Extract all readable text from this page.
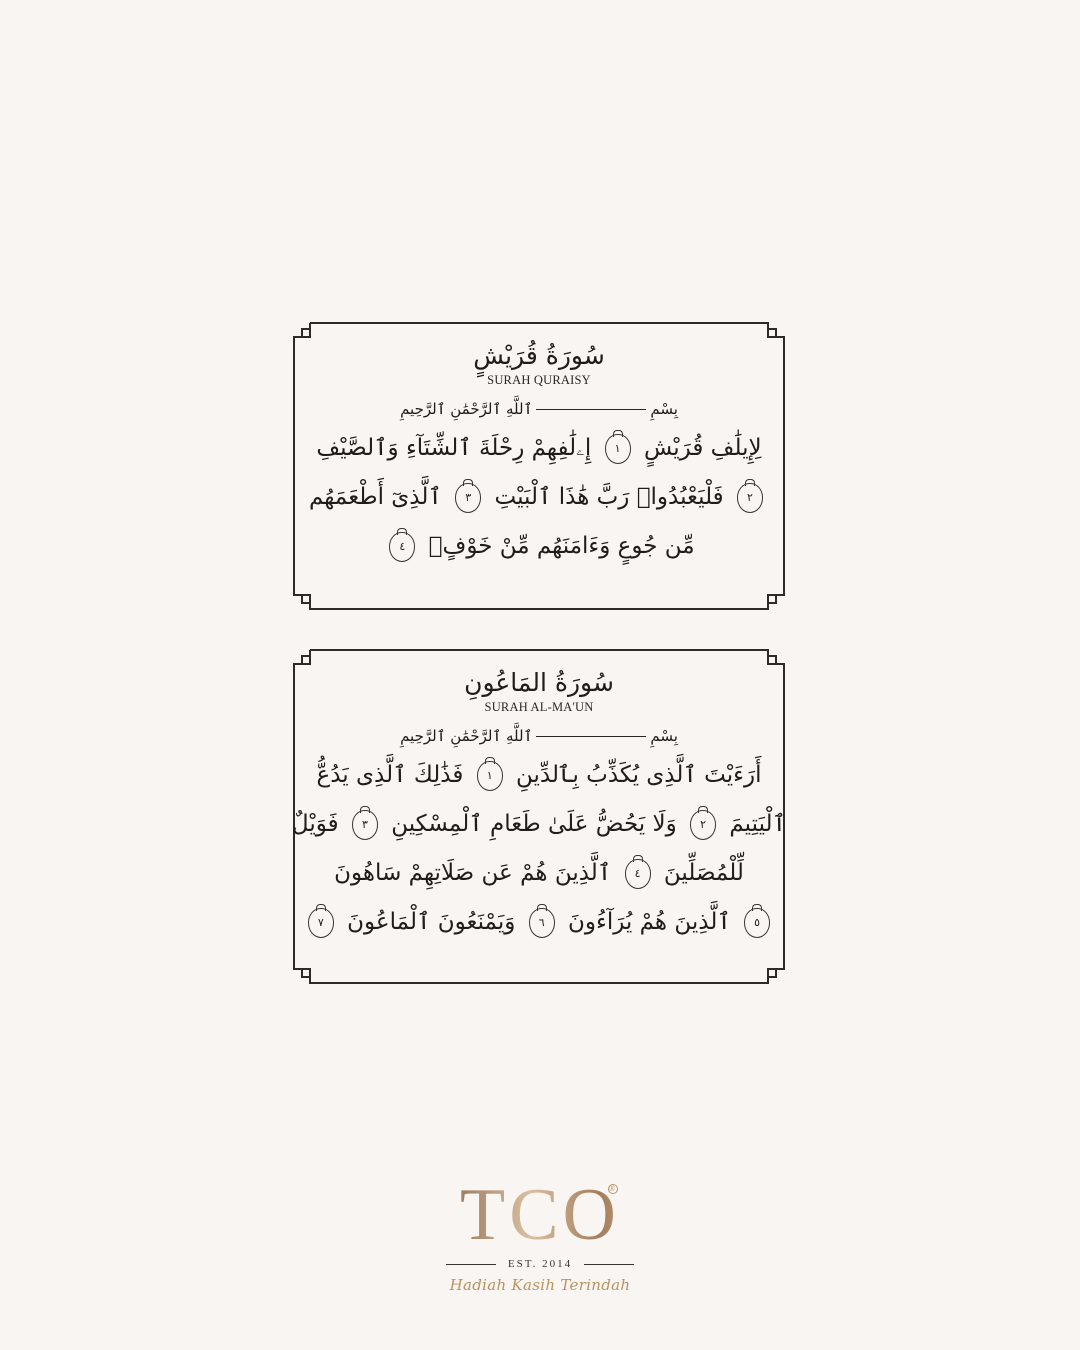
سُورَةُ قُرَيْشٍ
SURAH QURAISY
بِسْمِٱللَّهِ ٱلرَّحْمَٰنِ ٱلرَّحِيمِ
لِإِيلَٰفِ قُرَيْشٍ ١ إِۦلَٰفِهِمْ رِحْلَةَ ٱلشِّتَآءِ وَٱلصَّيْفِ
٢ فَلْيَعْبُدُوا۟ رَبَّ هَٰذَا ٱلْبَيْتِ ٣ ٱلَّذِىٓ أَطْعَمَهُم
مِّن جُوعٍ وَءَامَنَهُم مِّنْ خَوْفٍۭ ٤
سُورَةُ المَاعُونِ
SURAH AL-MA'UN
بِسْمِٱللَّهِ ٱلرَّحْمَٰنِ ٱلرَّحِيمِ
أَرَءَيْتَ ٱلَّذِى يُكَذِّبُ بِٱلدِّينِ ١ فَذَٰلِكَ ٱلَّذِى يَدُعُّ
ٱلْيَتِيمَ ٢ وَلَا يَحُضُّ عَلَىٰ طَعَامِ ٱلْمِسْكِينِ ٣ فَوَيْلٌ
لِّلْمُصَلِّينَ ٤ ٱلَّذِينَ هُمْ عَن صَلَاتِهِمْ سَاهُونَ
٥ ٱلَّذِينَ هُمْ يُرَآءُونَ ٦ وَيَمْنَعُونَ ٱلْمَاعُونَ ٧
TCO
®
EST. 2014
Hadiah Kasih Terindah
